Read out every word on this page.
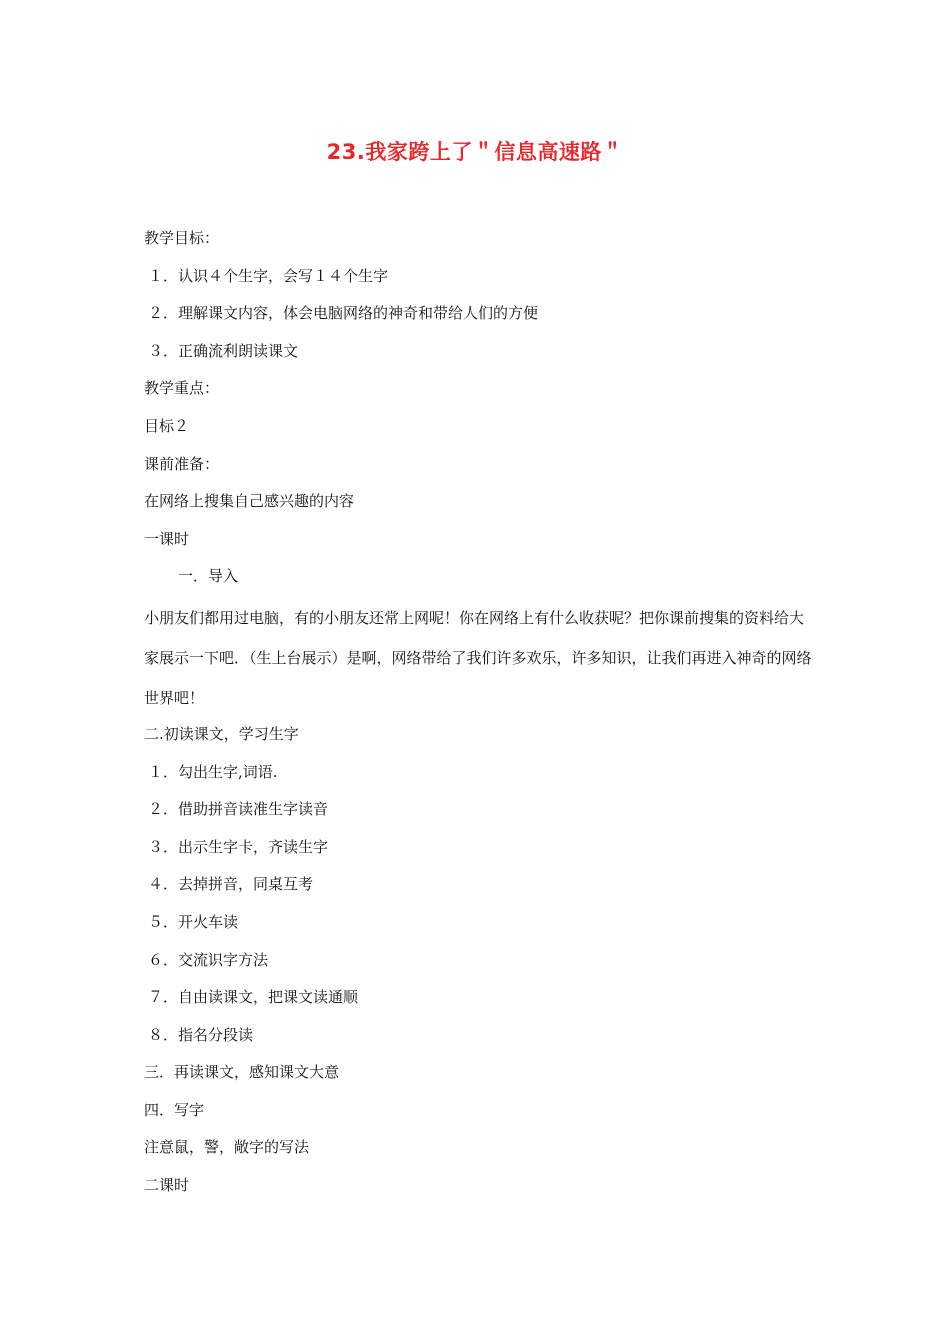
23.我家跨上了＂信息高速路＂
教学目标：
１．认识４个生字，会写１４个生字
２．理解课文内容，体会电脑网络的神奇和带给人们的方便
３．正确流利朗读课文
教学重点：
目标２
课前准备：
在网络上搜集自己感兴趣的内容
一课时
一．导入
小朋友们都用过电脑，有的小朋友还常上网呢！你在网络上有什么收获呢？把你课前搜集的资料给大家展示一下吧．（生上台展示）是啊，网络带给了我们许多欢乐，许多知识，让我们再进入神奇的网络世界吧！
二.初读课文，学习生字
１．勾出生字,词语.
２．借助拼音读准生字读音
３．出示生字卡，齐读生字
４．去掉拼音，同桌互考
５．开火车读
６．交流识字方法
７．自由读课文，把课文读通顺
８．指名分段读
三．再读课文，感知课文大意
四．写字
注意鼠，警，敞字的写法
二课时
